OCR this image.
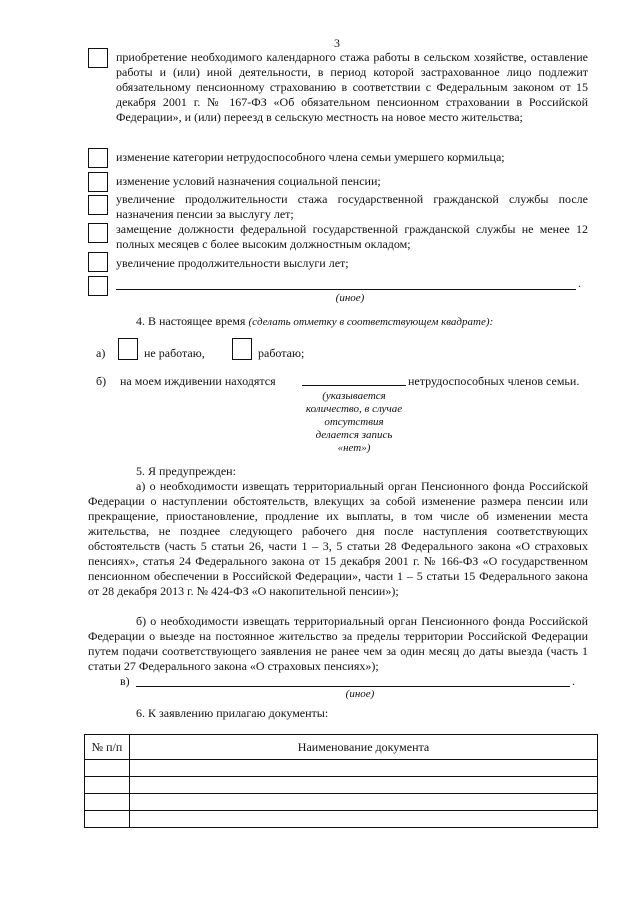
3
приобретение необходимого календарного стажа работы в сельском хозяйстве, оставление работы и (или) иной деятельности, в период которой застрахованное лицо подлежит обязательному пенсионному страхованию в соответствии с Федеральным законом от 15 декабря 2001 г. № 167-ФЗ «Об обязательном пенсионном страховании в Российской Федерации», и (или) переезд в сельскую местность на новое место жительства;
изменение категории нетрудоспособного члена семьи умершего кормильца;
изменение условий назначения социальной пенсии;
увеличение продолжительности стажа государственной гражданской службы после назначения пенсии за выслугу лет;
замещение должности федеральной государственной гражданской службы не менее 12 полных месяцев с более высоким должностным окладом;
увеличение продолжительности выслуги лет;
.
(иное)
4. В настоящее время (сделать отметку в соответствующем квадрате):
а)	не работаю,	работаю;
б) на моем иждивении находятся	нетрудоспособных членов семьи.
(указывается
количество, в случае
отсутствия
делается запись
«нет»)
5. Я предупрежден:
а) о необходимости извещать территориальный орган Пенсионного фонда Российской Федерации о наступлении обстоятельств, влекущих за собой изменение размера пенсии или прекращение, приостановление, продление их выплаты, в том числе об изменении места жительства, не позднее следующего рабочего дня после наступления соответствующих обстоятельств (часть 5 статьи 26, части 1 – 3, 5 статьи 28 Федерального закона «О страховых пенсиях», статья 24 Федерального закона от 15 декабря 2001 г. № 166-ФЗ «О государственном пенсионном обеспечении в Российской Федерации», части 1 – 5 статьи 15 Федерального закона от 28 декабря 2013 г. № 424-ФЗ «О накопительной пенсии»);
б) о необходимости извещать территориальный орган Пенсионного фонда Российской Федерации о выезде на постоянное жительство за пределы территории Российской Федерации путем подачи соответствующего заявления не ранее чем за один месяц до даты выезда (часть 1 статьи 27 Федерального закона «О страховых пенсиях»);
в)	.
(иное)
6. К заявлению прилагаю документы:
№ п/п	Наименование документа
